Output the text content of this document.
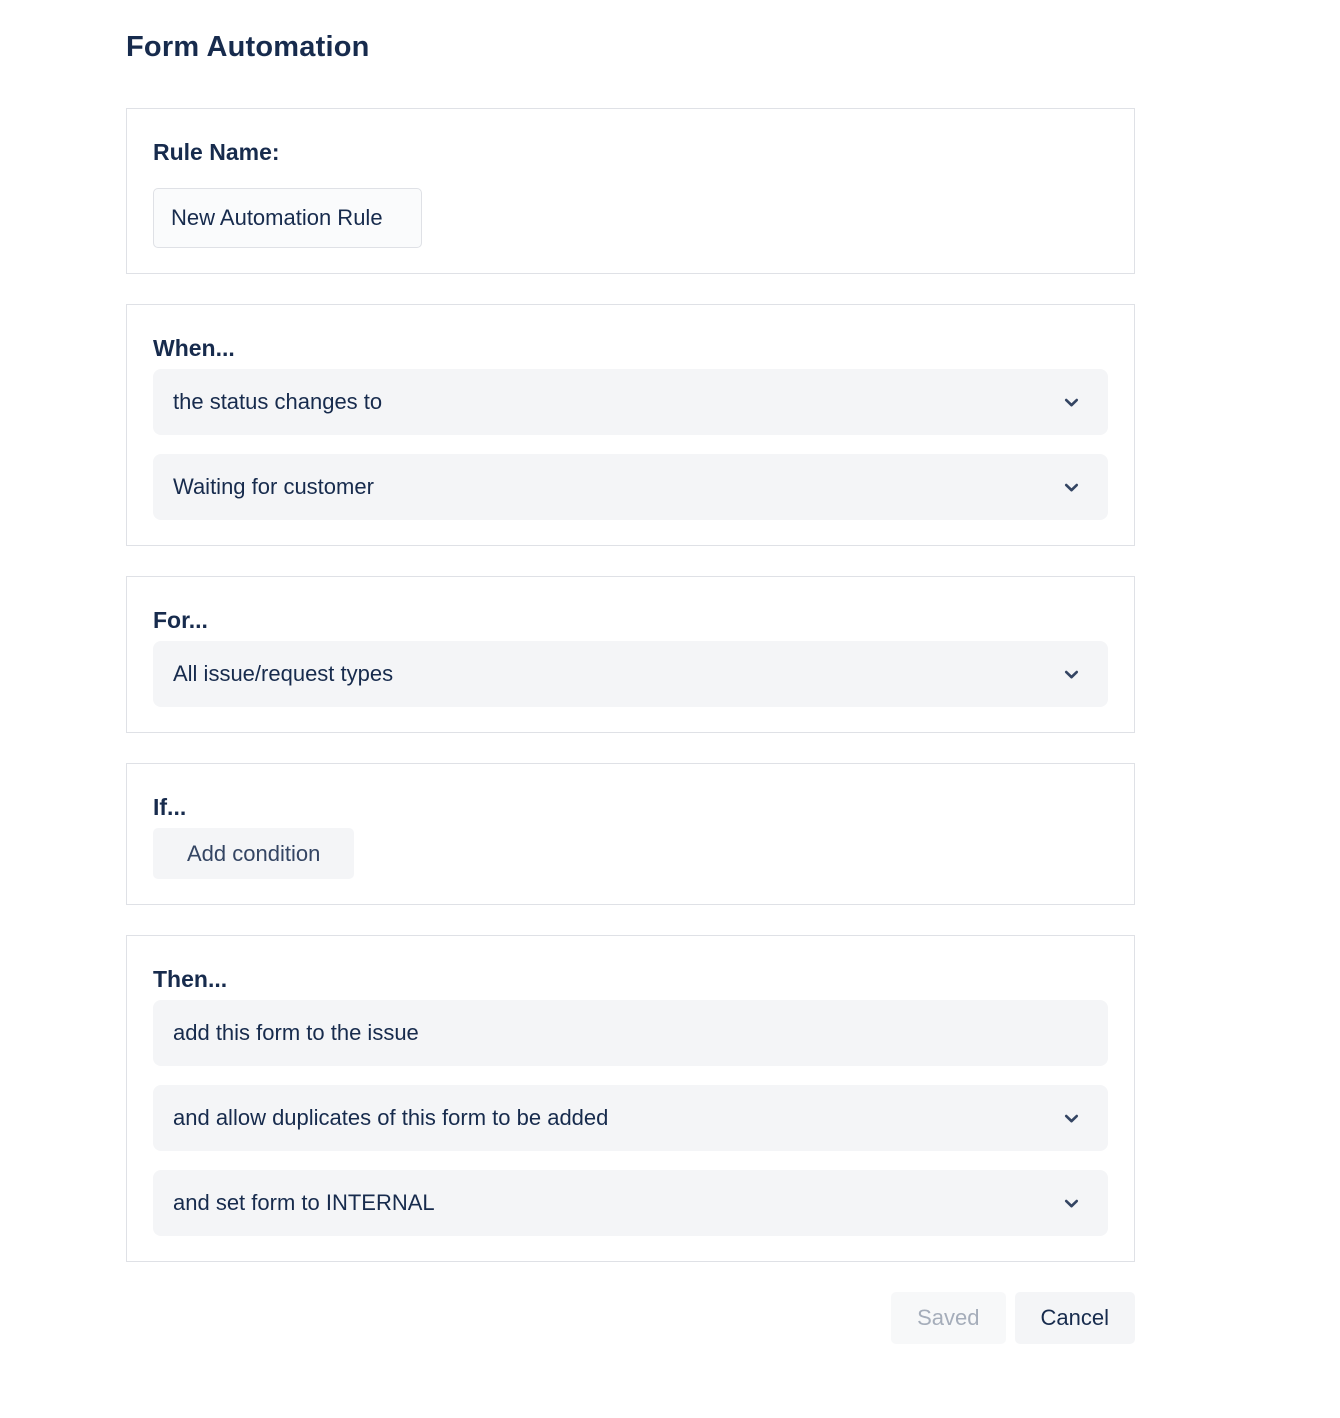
Form Automation
Rule Name:
New Automation Rule
When...
the status changes to
Waiting for customer
For...
All issue/request types
If...
Add condition
Then...
add this form to the issue
and allow duplicates of this form to be added
and set form to INTERNAL
Saved	Cancel
